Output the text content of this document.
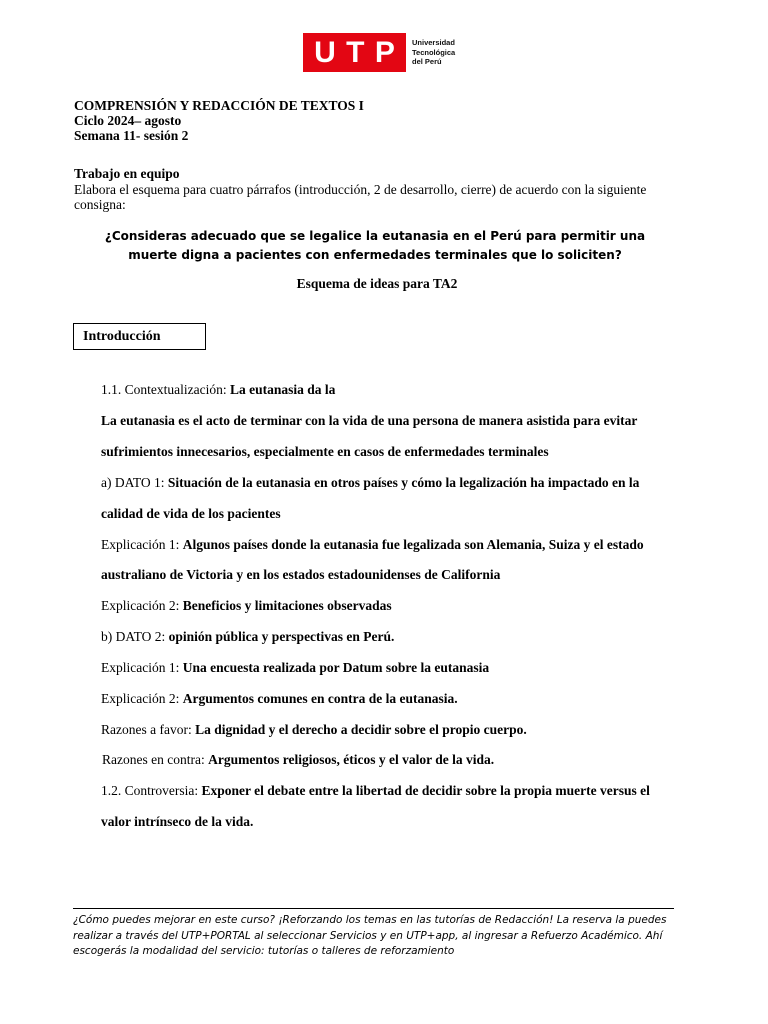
U T P Universidad
Tecnológica
del Perú
COMPRENSIÓN Y REDACCIÓN DE TEXTOS I
Ciclo 2024– agosto
Semana 11- sesión 2
Trabajo en equipo
Elabora el esquema para cuatro párrafos (introducción, 2 de desarrollo, cierre) de acuerdo con la siguiente consigna:
¿Consideras adecuado que se legalice la eutanasia en el Perú para permitir una muerte digna a pacientes con enfermedades terminales que lo soliciten?
Esquema de ideas para TA2
Introducción
1.1. Contextualización: La eutanasia da la
La eutanasia es el acto de terminar con la vida de una persona de manera asistida para evitar
sufrimientos innecesarios, especialmente en casos de enfermedades terminales
a) DATO 1: Situación de la eutanasia en otros países y cómo la legalización ha impactado en la
calidad de vida de los pacientes
Explicación 1: Algunos países donde la eutanasia fue legalizada son Alemania, Suiza y el estado
australiano de Victoria y en los estados estadounidenses de California
Explicación 2: Beneficios y limitaciones observadas
b) DATO 2: opinión pública y perspectivas en Perú.
Explicación 1: Una encuesta realizada por Datum sobre la eutanasia
Explicación 2: Argumentos comunes en contra de la eutanasia.
Razones a favor: La dignidad y el derecho a decidir sobre el propio cuerpo.
Razones en contra: Argumentos religiosos, éticos y el valor de la vida.
1.2. Controversia: Exponer el debate entre la libertad de decidir sobre la propia muerte versus el
valor intrínseco de la vida.
¿Cómo puedes mejorar en este curso? ¡Reforzando los temas en las tutorías de Redacción! La reserva la puedes
realizar a través del UTP+PORTAL al seleccionar Servicios y en UTP+app, al ingresar a Refuerzo Académico. Ahí
escogerás la modalidad del servicio: tutorías o talleres de reforzamiento
